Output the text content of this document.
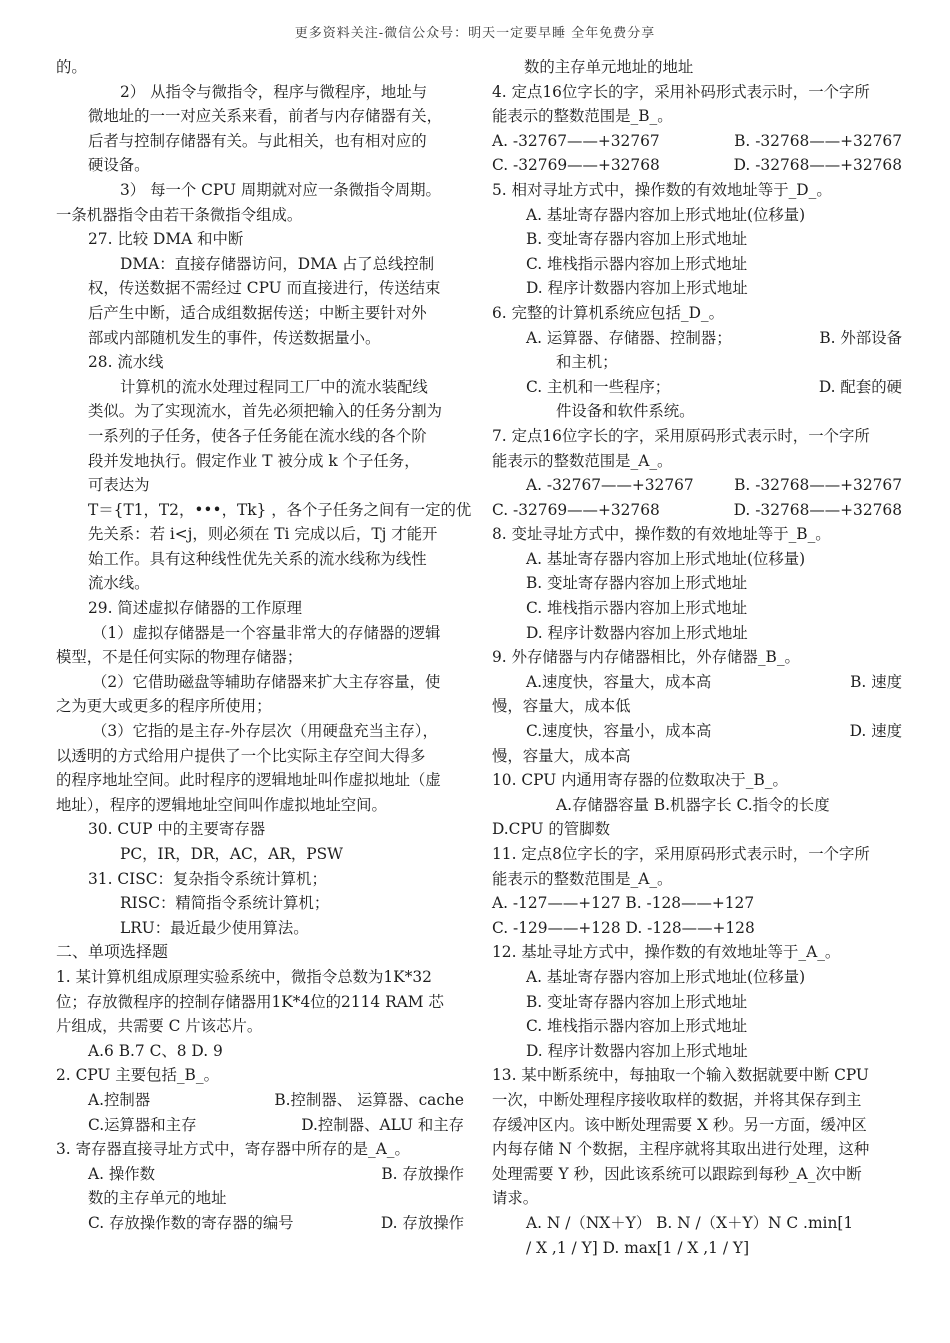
更多资料关注-微信公众号：明天一定要早睡 全年免费分享
的。
2） 从指令与微指令，程序与微程序，地址与
微地址的一一对应关系来看，前者与内存储器有关，
后者与控制存储器有关。与此相关，也有相对应的
硬设备。
3） 每一个 CPU 周期就对应一条微指令周期。
一条机器指令由若干条微指令组成。
27. 比较 DMA 和中断
DMA：直接存储器访问，DMA 占了总线控制
权，传送数据不需经过 CPU 而直接进行，传送结束
后产生中断，适合成组数据传送；中断主要针对外
部或内部随机发生的事件，传送数据量小。
28. 流水线
计算机的流水处理过程同工厂中的流水装配线
类似。为了实现流水，首先必须把输入的任务分割为
一系列的子任务，使各子任务能在流水线的各个阶
段并发地执行。假定作业 T 被分成 k 个子任务，
可表达为
T＝{T1，T2，•••，Tk} ，各个子任务之间有一定的优
先关系：若 i<j，则必须在 Ti 完成以后，Tj 才能开
始工作。具有这种线性优先关系的流水线称为线性
流水线。
29. 简述虚拟存储器的工作原理
（1）虚拟存储器是一个容量非常大的存储器的逻辑
模型，不是任何实际的物理存储器；
（2）它借助磁盘等辅助存储器来扩大主存容量，使
之为更大或更多的程序所使用；
（3）它指的是主存-外存层次（用硬盘充当主存），
以透明的方式给用户提供了一个比实际主存空间大得多
的程序地址空间。此时程序的逻辑地址叫作虚拟地址（虚
地址），程序的逻辑地址空间叫作虚拟地址空间。
30. CUP 中的主要寄存器
PC，IR，DR，AC，AR，PSW
31. CISC：复杂指令系统计算机；
RISC：精简指令系统计算机；
LRU：最近最少使用算法。
二、单项选择题
1. 某计算机组成原理实验系统中，微指令总数为1K*32
位；存放微程序的控制存储器用1K*4位的2114 RAM 芯
片组成，共需要 C 片该芯片。
A.6 B.7 C、8 D. 9
2. CPU 主要包括_B_。
A.控制器	B.控制器、 运算器、cache
C.运算器和主存	D.控制器、ALU 和主存
3. 寄存器直接寻址方式中，寄存器中所存的是_A_。
A. 操作数	B. 存放操作
数的主存单元的地址
C. 存放操作数的寄存器的编号	D. 存放操作
数的主存单元地址的地址
4. 定点16位字长的字，采用补码形式表示时，一个字所
能表示的整数范围是_B_。
A. -32767——+32767	B. -32768——+32767
C. -32769——+32768	D. -32768——+32768
5. 相对寻址方式中，操作数的有效地址等于_D_。
A. 基址寄存器内容加上形式地址(位移量)
B. 变址寄存器内容加上形式地址
C. 堆栈指示器内容加上形式地址
D. 程序计数器内容加上形式地址
6. 完整的计算机系统应包括_D_。
A. 运算器、存储器、控制器；	B. 外部设备
和主机；
C. 主机和一些程序；	D. 配套的硬
件设备和软件系统。
7. 定点16位字长的字，采用原码形式表示时，一个字所
能表示的整数范围是_A_。
A. -32767——+32767	B. -32768——+32767
C. -32769——+32768	D. -32768——+32768
8. 变址寻址方式中，操作数的有效地址等于_B_。
A. 基址寄存器内容加上形式地址(位移量)
B. 变址寄存器内容加上形式地址
C. 堆栈指示器内容加上形式地址
D. 程序计数器内容加上形式地址
9. 外存储器与内存储器相比，外存储器_B_。
A.速度快，容量大，成本高	B. 速度
慢，容量大，成本低
C.速度快，容量小，成本高	D. 速度
慢，容量大，成本高
10. CPU 内通用寄存器的位数取决于_B_。
A.存储器容量 B.机器字长 C.指令的长度
D.CPU 的管脚数
11. 定点8位字长的字，采用原码形式表示时，一个字所
能表示的整数范围是_A_。
A. -127——+127 B. -128——+127
C. -129——+128 D. -128——+128
12. 基址寻址方式中，操作数的有效地址等于_A_。
A. 基址寄存器内容加上形式地址(位移量)
B. 变址寄存器内容加上形式地址
C. 堆栈指示器内容加上形式地址
D. 程序计数器内容加上形式地址
13. 某中断系统中，每抽取一个输入数据就要中断 CPU
一次，中断处理程序接收取样的数据，并将其保存到主
存缓冲区内。该中断处理需要 X 秒。另一方面，缓冲区
内每存储 N 个数据，主程序就将其取出进行处理，这种
处理需要 Y 秒，因此该系统可以跟踪到每秒_A_次中断
请求。
A. N /（NX＋Y） B. N /（X＋Y）N C .min[1
/ X ,1 / Y] D. max[1 / X ,1 / Y]
